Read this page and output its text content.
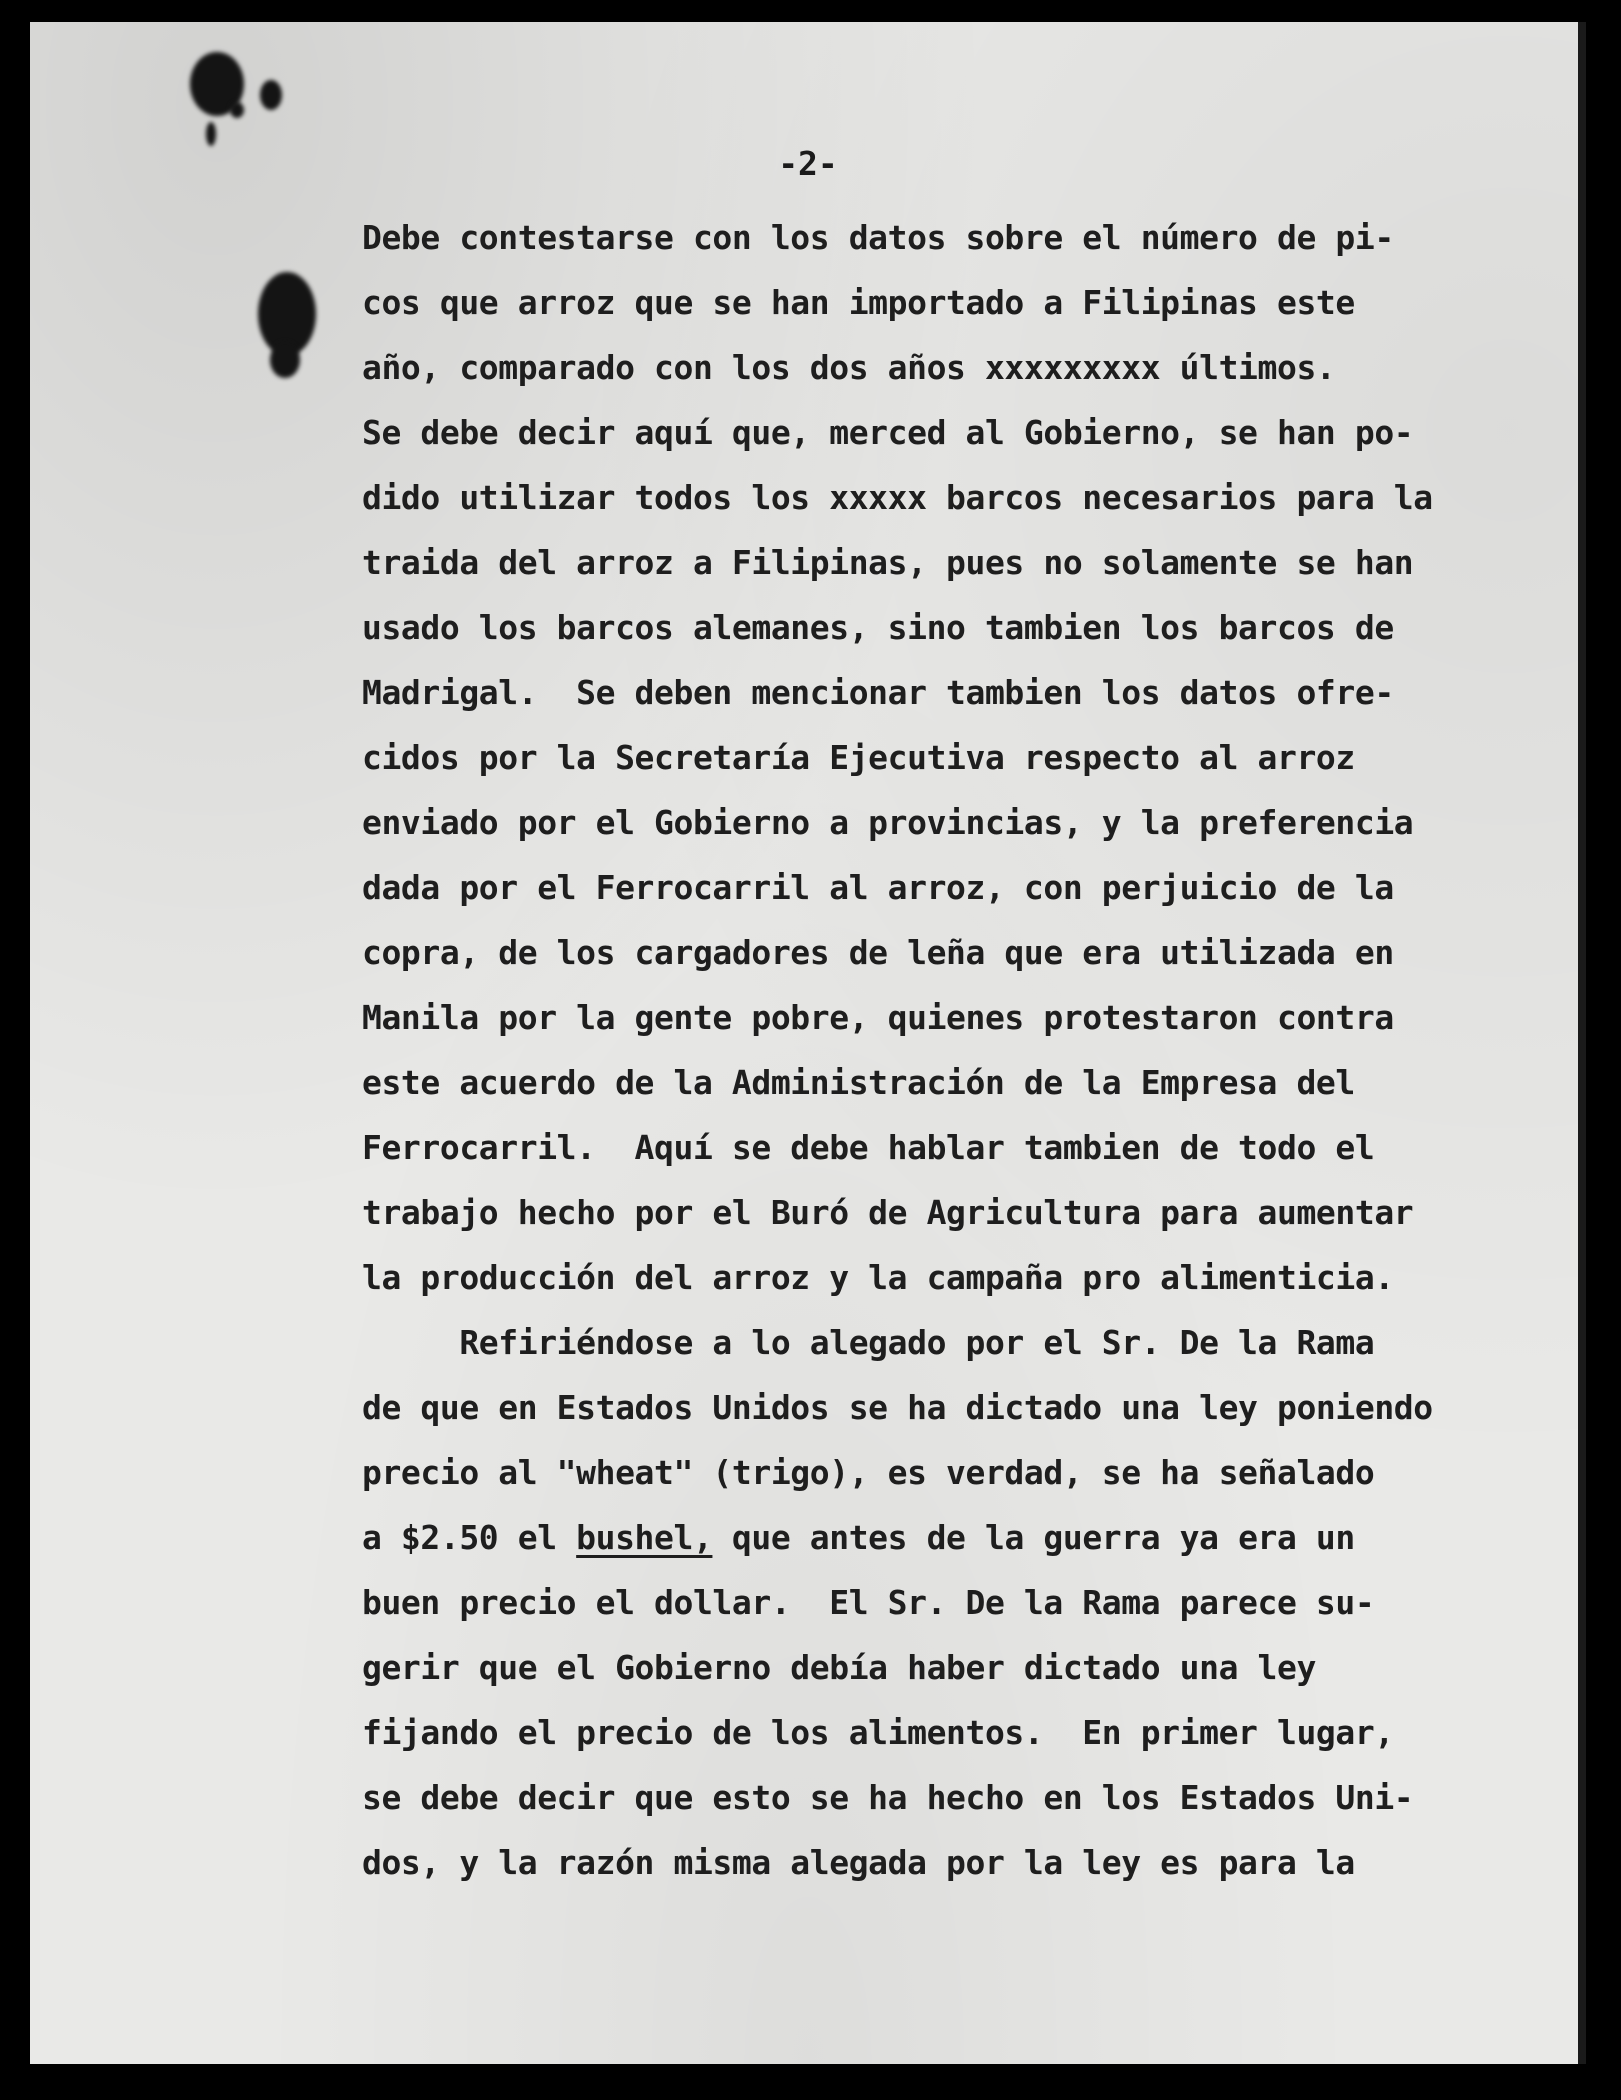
-2-
Debe contestarse con los datos sobre el número de pi-
cos que arroz que se han importado a Filipinas este
año, comparado con los dos años xxxxxxxxx últimos.
Se debe decir aquí que, merced al Gobierno, se han po-
dido utilizar todos los xxxxx barcos necesarios para la
traida del arroz a Filipinas, pues no solamente se han
usado los barcos alemanes, sino tambien los barcos de
Madrigal.  Se deben mencionar tambien los datos ofre-
cidos por la Secretaría Ejecutiva respecto al arroz
enviado por el Gobierno a provincias, y la preferencia
dada por el Ferrocarril al arroz, con perjuicio de la
copra, de los cargadores de leña que era utilizada en
Manila por la gente pobre, quienes protestaron contra
este acuerdo de la Administración de la Empresa del
Ferrocarril.  Aquí se debe hablar tambien de todo el
trabajo hecho por el Buró de Agricultura para aumentar
la producción del arroz y la campaña pro alimenticia.
Refiriéndose a lo alegado por el Sr. De la Rama
de que en Estados Unidos se ha dictado una ley poniendo
precio al "wheat" (trigo), es verdad, se ha señalado
a $2.50 el bushel, que antes de la guerra ya era un
buen precio el dollar.  El Sr. De la Rama parece su-
gerir que el Gobierno debía haber dictado una ley
fijando el precio de los alimentos.  En primer lugar,
se debe decir que esto se ha hecho en los Estados Uni-
dos, y la razón misma alegada por la ley es para la
